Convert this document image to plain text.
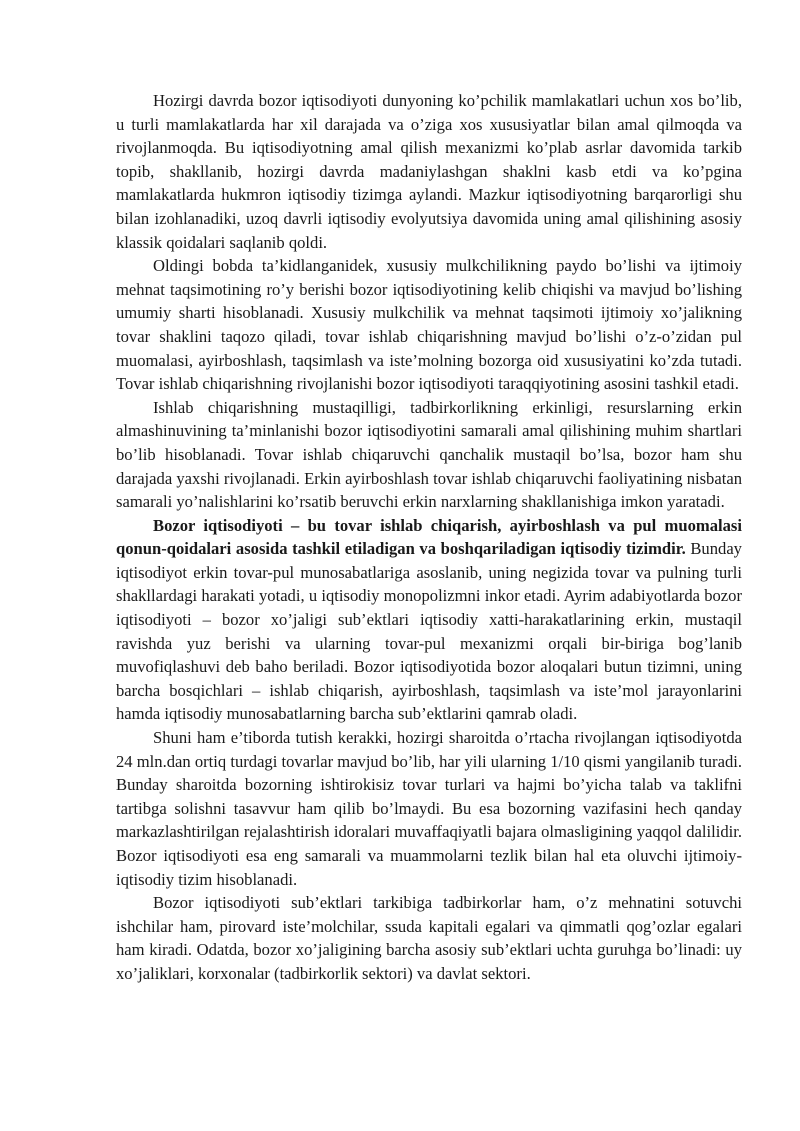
Hozirgi davrda bozor iqtisodiyoti dunyoning ko’pchilik mamlakatlari uchun xos bo’lib, u turli mamlakatlarda har xil darajada va o’ziga xos xususiyatlar bilan amal qilmoqda va rivojlanmoqda. Bu iqtisodiyotning amal qilish mexanizmi ko’plab asrlar davomida tarkib topib, shakllanib, hozirgi davrda madaniylashgan shaklni kasb etdi va ko’pgina mamlakatlarda hukmron iqtisodiy tizimga aylandi. Mazkur iqtisodiyotning barqarorligi shu bilan izohlanadiki, uzoq davrli iqtisodiy evolyutsiya davomida uning amal qilishining asosiy klassik qoidalari saqlanib qoldi.

Oldingi bobda ta’kidlanganidek, xususiy mulkchilikning paydo bo’lishi va ijtimoiy mehnat taqsimotining ro’y berishi bozor iqtisodiyotining kelib chiqishi va mavjud bo’lishing umumiy sharti hisoblanadi. Xususiy mulkchilik va mehnat taqsimoti ijtimoiy xo’jalikning tovar shaklini taqozo qiladi, tovar ishlab chiqarishning mavjud bo’lishi o’z-o’zidan pul muomalasi, ayirboshlash, taqsimlash va iste’molning bozorga oid xususiyatini ko’zda tutadi. Tovar ishlab chiqarishning rivojlanishi bozor iqtisodiyoti taraqqiyotining asosini tashkil etadi.

Ishlab chiqarishning mustaqilligi, tadbirkorlikning erkinligi, resurslarning erkin almashinuvining ta’minlanishi bozor iqtisodiyotini samarali amal qilishining muhim shartlari bo’lib hisoblanadi. Tovar ishlab chiqaruvchi qanchalik mustaqil bo’lsa, bozor ham shu darajada yaxshi rivojlanadi. Erkin ayirboshlash tovar ishlab chiqaruvchi faoliyatining nisbatan samarali yo’nalishlarini ko’rsatib beruvchi erkin narxlarning shakllanishiga imkon yaratadi.

Bozor iqtisodiyoti – bu tovar ishlab chiqarish, ayirboshlash va pul muomalasi qonun-qoidalari asosida tashkil etiladigan va boshqariladigan iqtisodiy tizimdir. Bunday iqtisodiyot erkin tovar-pul munosabatlariga asoslanib, uning negizida tovar va pulning turli shakllardagi harakati yotadi, u iqtisodiy monopolizmni inkor etadi. Ayrim adabiyotlarda bozor iqtisodiyoti – bozor xo’jaligi sub’ektlari iqtisodiy xatti-harakatlarining erkin, mustaqil ravishda yuz berishi va ularning tovar-pul mexanizmi orqali bir-biriga bog’lanib muvofiqlashuvi deb baho beriladi. Bozor iqtisodiyotida bozor aloqalari butun tizimni, uning barcha bosqichlari – ishlab chiqarish, ayirboshlash, taqsimlash va iste’mol jarayonlarini hamda iqtisodiy munosabatlarning barcha sub’ektlarini qamrab oladi.

Shuni ham e’tiborda tutish kerakki, hozirgi sharoitda o’rtacha rivojlangan iqtisodiyotda 24 mln.dan ortiq turdagi tovarlar mavjud bo’lib, har yili ularning 1/10 qismi yangilanib turadi. Bunday sharoitda bozorning ishtirokisiz tovar turlari va hajmi bo’yicha talab va taklifni tartibga solishni tasavvur ham qilib bo’lmaydi. Bu esa bozorning vazifasini hech qanday markazlashtirilgan rejalashtirish idoralari muvaffaqiyatli bajara olmasligining yaqqol dalilidir. Bozor iqtisodiyoti esa eng samarali va muammolarni tezlik bilan hal eta oluvchi ijtimoiy-iqtisodiy tizim hisoblanadi.

Bozor iqtisodiyoti sub’ektlari tarkibiga tadbirkorlar ham, o’z mehnatini sotuvchi ishchilar ham, pirovard iste’molchilar, ssuda kapitali egalari va qimmatli qog’ozlar egalari ham kiradi. Odatda, bozor xo’jaligining barcha asosiy sub’ektlari uchta guruhga bo’linadi: uy xo’jaliklari, korxonalar (tadbirkorlik sektori) va davlat sektori.
